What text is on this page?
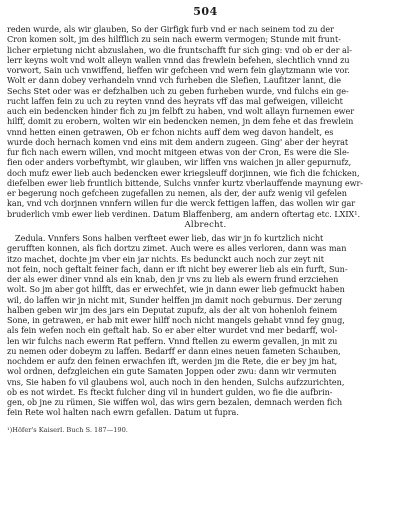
504
reden wurde, als wir glauben, So der Girfigk furb vnd er nach seinem tod zu der
Cron komen solt, jm des hilfflich zu sein nach ewerm vermogen; Stunde mit frunt-
licher erpietung nicht abzuslahen, wo die fruntschafft fur sich ging: vnd ob er der al-
lerr keyns wolt vnd wolt alleyn wallen vnnd das frewlein befehen, slechtlich vnnd zu
vorwort, Sain uch vnwiffend, lieffen wir gefcheen vnd wern fein glaytzmann wie vor.
Wolt er dann dobey verhandeln vnnd vch furheben die Slefien, Laufitzer lannt, die
Sechs Stet oder was er defzhalben uch zu geben furheben wurde, vnd fulchs ein ge-
rucht laffen fein zu uch zu reyten vnnd des heyrats vff das mal gefweigen, villeicht
auch ein bedencken hinder fich zu jm felbft zu haben, vnd wolt allayn furnemen ewer
hilff, domit zu erobern, wolten wir ein bedencken nemen, jn dem fehe et das frewlein
vnnd hetten einen getrawen, Ob er fchon nichts auff dem weg davon handelt, es
wurde doch hernach komen vnd eins mit dem andern zugeen. Ging' aber der heyrat
fur fich nach ewern willen, vnd mocht mitgeen etwas von der Cron, Es were die Sle-
fien oder anders vorbeftymbt, wir glauben, wir liffen vns waichen jn aller gepurnufz,
doch mufz ewer lieb auch bedencken ewer kriegsleuff dorjinnen, wie fich die fchicken,
diefelben ewer lieb fruntlich bittende, Sulchs vnnfer kurtz vberlauffende maynung ewr-
er begerung noch gefcheen zugefallen zu nemen, als der, der aufz wenig vil gefelen
kan, vnd vch dorjnnen vnnfern willen fur die werck fettigen laffen, das wollen wir gar
bruderlich vmb ewer lieb verdinen. Datum Blaffenberg, am andern oftertag etc. LXIX¹.
Albrecht.
Zedula. Vnnfers Sons halben verfteet ewer lieb, das wir jn fo kurtzlich nicht
gerufften konnen, als fich dortzu zimet. Auch were es alles verloren, dann was man
itzo machet, dochte jm vber ein jar nichts. Es bedunckt auch noch zur zeyt nit
not fein, noch geftalt feiner fach, dann er ift nicht bey ewerer lieb als ein furft, Sun-
der als ewer diner vnnd als ein knab, den jr vns zu lieb als ewern frund erzciehen
wolt. So jm aber got hilfft, das er erwechfet, wie jn dann ewer lieb gefmuckt haben
wil, do laffen wir jn nicht mit, Sunder helffen jm damit noch geburnus. Der zerung
halben geben wir jm des jars ein Deputat zupufz, als der alt von hohenloh feinem
Sone, in getrawen, er hab mit ewer hilff noch nicht mangels gehabt vnnd fey gnug,
als fein wefen noch ein geftalt hab. So er aber elter wurdet vnd mer bedarff, wol-
len wir fulchs nach ewerm Rat peffern. Vnnd ftellen zu ewerm gevallen, jn mit zu
zu nemen oder dobeym zu laffen. Bedarff er dann eines neuen fameten Schauben,
nochdem er aufz den feinen erwachfen ift, werden jm die Rete, die er bey jm hat,
wol ordnen, defzgleichen ein gute Samaten Joppen oder zwu: dann wir vermuten
vns, Sie haben fo vil glaubens wol, auch noch in den henden, Sulchs aufzzurichten,
ob es not wirdet. Es fteckt fulcher ding vil in hundert gulden, wo fie die aufbrin-
gen, ob jne zu rümen, Sie wiffen wol, das wirs gern bezalen, demnach werden fich
fein Rete wol halten nach ewrn gefallen. Datum ut fupra.
¹)Höfer's Kaiserl. Buch S. 187—190.
